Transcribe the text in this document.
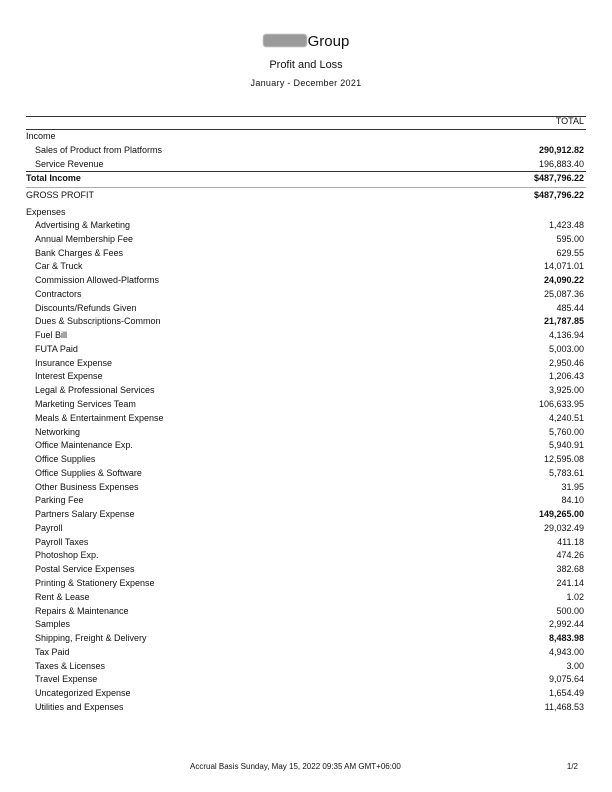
Group
Profit and Loss
January - December 2021
TOTAL
Income
Sales of Product from Platforms	290,912.82
Service Revenue	196,883.40
Total Income	$487,796.22
GROSS PROFIT	$487,796.22
Expenses
Advertising & Marketing	1,423.48
Annual Membership Fee	595.00
Bank Charges & Fees	629.55
Car & Truck	14,071.01
Commission Allowed-Platforms	24,090.22
Contractors	25,087.36
Discounts/Refunds Given	485.44
Dues & Subscriptions-Common	21,787.85
Fuel Bill	4,136.94
FUTA Paid	5,003.00
Insurance Expense	2,950.46
Interest Expense	1,206.43
Legal & Professional Services	3,925.00
Marketing Services Team	106,633.95
Meals & Entertainment Expense	4,240.51
Networking	5,760.00
Office Maintenance Exp.	5,940.91
Office Supplies	12,595.08
Office Supplies & Software	5,783.61
Other Business Expenses	31.95
Parking Fee	84.10
Partners Salary Expense	149,265.00
Payroll	29,032.49
Payroll Taxes	411.18
Photoshop Exp.	474.26
Postal Service Expenses	382.68
Printing & Stationery Expense	241.14
Rent & Lease	1.02
Repairs & Maintenance	500.00
Samples	2,992.44
Shipping, Freight & Delivery	8,483.98
Tax Paid	4,943.00
Taxes & Licenses	3.00
Travel Expense	9,075.64
Uncategorized Expense	1,654.49
Utilities and Expenses	11,468.53
Accrual Basis Sunday, May 15, 2022 09:35 AM GMT+06:00	1/2
